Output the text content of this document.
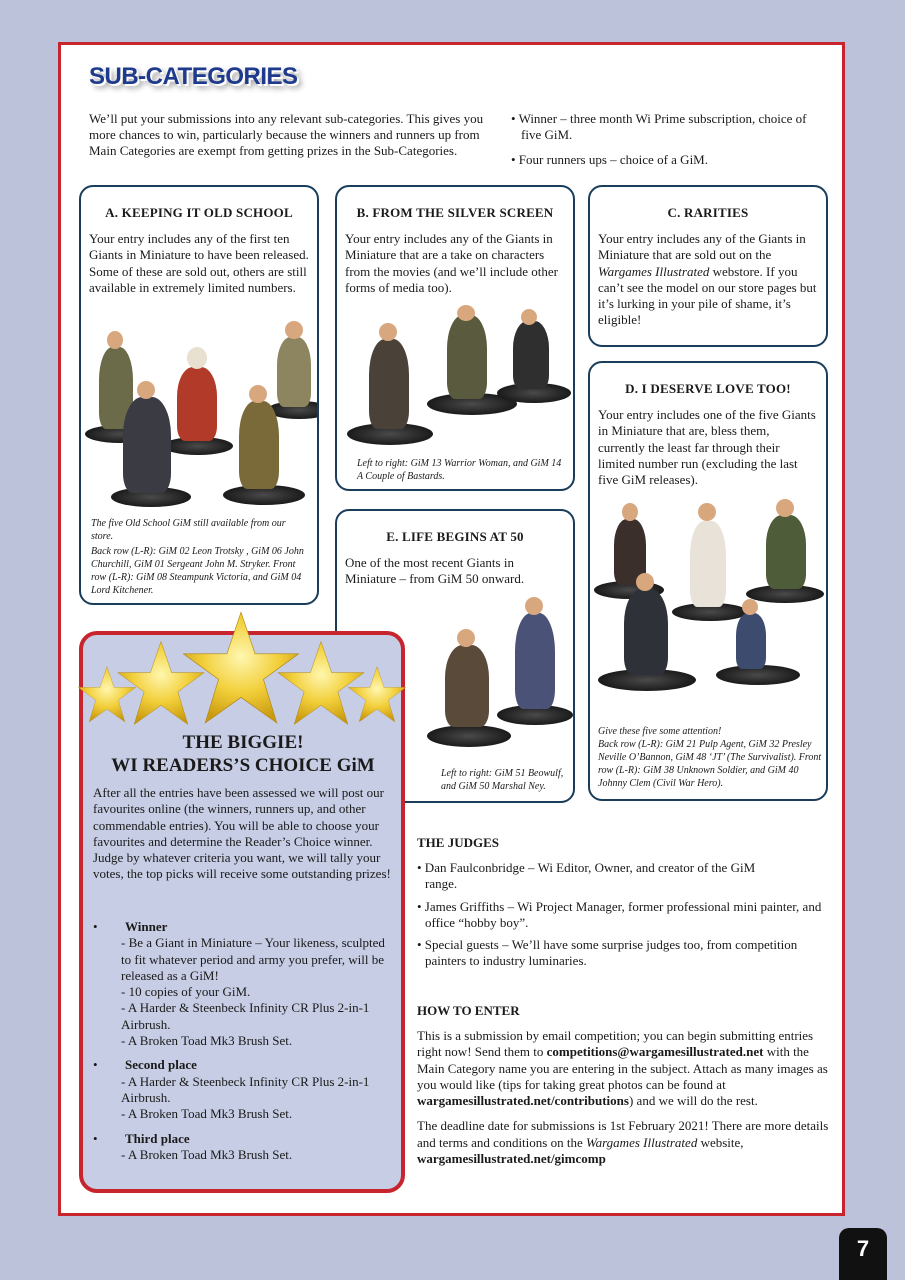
SUB-CATEGORIES

We’ll put your submissions into any relevant sub-categories. This gives you more chances to win, particularly because the winners and runners up from Main Categories are exempt from getting prizes in the Sub-Categories.

• Winner – three month Wi Prime subscription, choice of five GiM.

• Four runners ups – choice of a GiM.

A. KEEPING IT OLD SCHOOL

Your entry includes any of the first ten Giants in Miniature to have been released. Some of these are sold out, others are still available in extremely limited numbers.

The five Old School GiM still available from our store.

Back row (L-R): GiM 02 Leon Trotsky , GiM 06 John Churchill, GiM 01 Sergeant John M. Stryker. Front row (L-R): GiM 08 Steampunk Victoria, and GiM 04 Lord Kitchener.

B. FROM THE SILVER SCREEN

Your entry includes any of the Giants in Miniature that are a take on characters from the movies (and we’ll include other forms of media too).

Left to right: GiM 13 Warrior Woman, and GiM 14 A Couple of Bastards.

C. RARITIES

Your entry includes any of the Giants in Miniature that are sold out on the Wargames Illustrated webstore. If you can’t see the model on our store pages but it’s lurking in your pile of shame, it’s eligible!

D. I DESERVE LOVE TOO!

Your entry includes one of the five Giants in Miniature that are, bless them, currently the least far through their limited number run (excluding the last five GiM releases).

Give these five some attention!

Back row (L-R): GiM 21 Pulp Agent, GiM 32 Presley Neville O’Bannon, GiM 48 ‘JT’ (The Survivalist). Front row (L-R): GiM 38 Unknown Soldier, and GiM 40 Johnny Clem (Civil War Hero).

E. LIFE BEGINS AT 50

One of the most recent Giants in Miniature – from GiM 50 onward.

Left to right: GiM 51 Beowulf, and GiM 50 Marshal Ney.

THE BIGGIE!
WI READERS’S CHOICE GiM

After all the entries have been assessed we will post our favourites online (the winners, runners up, and other commendable entries). You will be able to choose your favourites and determine the Reader’s Choice winner. Judge by whatever criteria you want, we will tally your votes, the top picks will receive some outstanding prizes!

• Winner

- Be a Giant in Miniature – Your likeness, sculpted to fit whatever period and army you prefer, will be released as a GiM!

- 10 copies of your GiM.

- A Harder & Steenbeck Infinity CR Plus 2-in-1 Airbrush.

- A Broken Toad Mk3 Brush Set.

• Second place

- A Harder & Steenbeck Infinity CR Plus 2-in-1 Airbrush.

- A Broken Toad Mk3 Brush Set.

• Third place

- A Broken Toad Mk3 Brush Set.

THE JUDGES

• Dan Faulconbridge – Wi Editor, Owner, and creator of the GiM range.

• James Griffiths – Wi Project Manager, former professional mini painter, and office “hobby boy”.

• Special guests – We’ll have some surprise judges too, from competition painters to industry luminaries.

HOW TO ENTER

This is a submission by email competition; you can begin submitting entries right now! Send them to competitions@wargamesillustrated.net with the Main Category name you are entering in the subject. Attach as many images as you would like (tips for taking great photos can be found at wargamesillustrated.net/contributions) and we will do the rest.

The deadline date for submissions is 1st February 2021! There are more details and terms and conditions on the Wargames Illustrated website, wargamesillustrated.net/gimcomp

7
